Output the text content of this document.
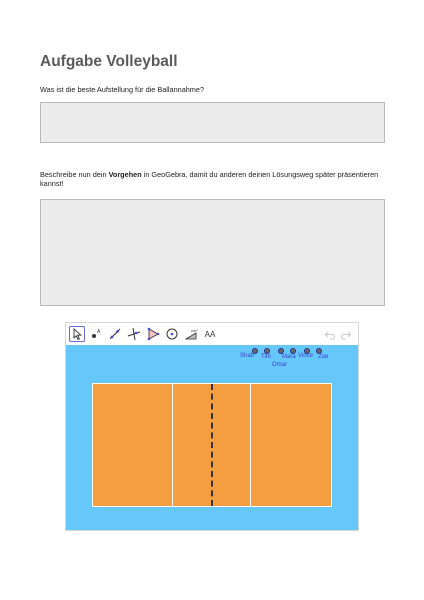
Aufgabe Volleyball
Was ist die beste Aufstellung für die Ballannahme?
Beschreibe nun dein Vorgehen in GeoGebra, damit du anderen deinen Lösungsweg später präsentieren kannst!
A	cm² AA
Shafi Tim
Omar
Mara Vince Zoe
